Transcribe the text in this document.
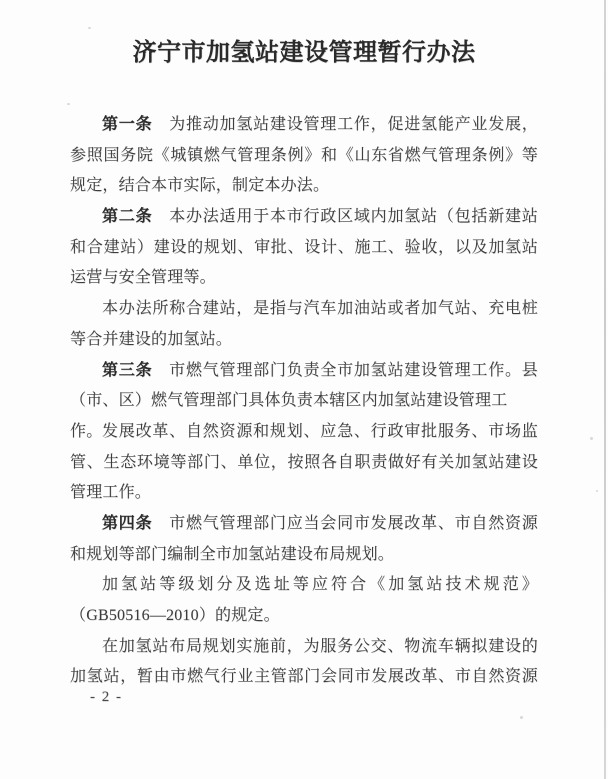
济宁市加氢站建设管理暂行办法
第一条　为推动加氢站建设管理工作，促进氢能产业发展，
参照国务院《城镇燃气管理条例》和《山东省燃气管理条例》等
规定，结合本市实际，制定本办法。
第二条　本办法适用于本市行政区域内加氢站（包括新建站
和合建站）建设的规划、审批、设计、施工、验收，以及加氢站
运营与安全管理等。
本办法所称合建站，是指与汽车加油站或者加气站、充电桩
等合并建设的加氢站。
第三条　市燃气管理部门负责全市加氢站建设管理工作。县
（市、区）燃气管理部门具体负责本辖区内加氢站建设管理工作。 发展改革、自然资源和规划、应急、行政审批服务、市场监
管、生态环境等部门、单位，按照各自职责做好有关加氢站建设
管理工作。
第四条　市燃气管理部门应当会同市发展改革、市自然资源
和规划等部门编制全市加氢站建设布局规划。
加氢站等级划分及选址等应符合《加氢站技术规范》
（GB50516—2010）的规定。
在加氢站布局规划实施前，为服务公交、物流车辆拟建设的
加氢站，暂由市燃气行业主管部门会同市发展改革、市自然资源
- 2 -
